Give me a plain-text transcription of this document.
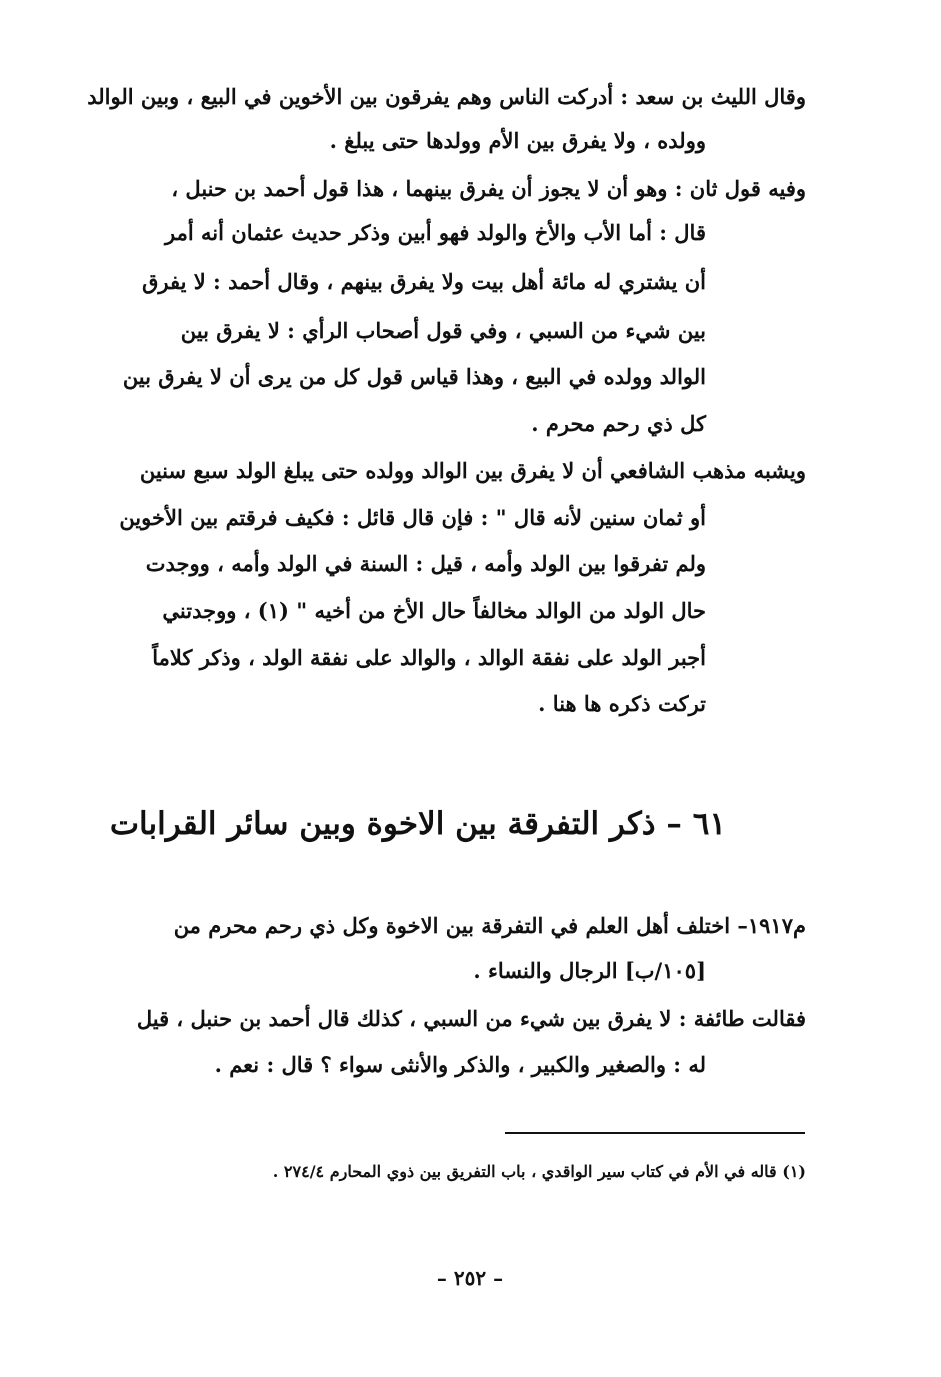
وقال الليث بن سعد : أدركت الناس وهم يفرقون بين الأخوين في البيع ، وبين الوالد
وولده ، ولا يفرق بين الأم وولدها حتى يبلغ .
وفيه قول ثان : وهو أن لا يجوز أن يفرق بينهما ، هذا قول أحمد بن حنبل ،
قال : أما الأب والأخ والولد فهو أبين وذكر حديث عثمان أنه أمر
أن يشتري له مائة أهل بيت ولا يفرق بينهم ، وقال أحمد : لا يفرق
بين شيء من السبي ، وفي قول أصحاب الرأي : لا يفرق بين
الوالد وولده في البيع ، وهذا قياس قول كل من يرى أن لا يفرق بين
كل ذي رحم محرم .
ويشبه مذهب الشافعي أن لا يفرق بين الوالد وولده حتى يبلغ الولد سبع سنين
أو ثمان سنين لأنه قال " : فإن قال قائل : فكيف فرقتم بين الأخوين
ولم تفرقوا بين الولد وأمه ، قيل : السنة في الولد وأمه ، ووجدت
حال الولد من الوالد مخالفاً حال الأخ من أخيه " (١) ، ووجدتني
أجبر الولد على نفقة الوالد ، والوالد على نفقة الولد ، وذكر كلاماً
تركت ذكره ها هنا .
٦١ – ذكر التفرقة بين الاخوة وبين سائر القرابات
م١٩١٧– اختلف أهل العلم في التفرقة بين الاخوة وكل ذي رحم محرم من
[١٠٥/ب] الرجال والنساء .
فقالت طائفة : لا يفرق بين شيء من السبي ، كذلك قال أحمد بن حنبل ، قيل
له : والصغير والكبير ، والذكر والأنثى سواء ؟ قال : نعم .
(١) قاله في الأم في كتاب سير الواقدي ، باب التفريق بين ذوي المحارم ٢٧٤/٤ .
– ٢٥٢ –
